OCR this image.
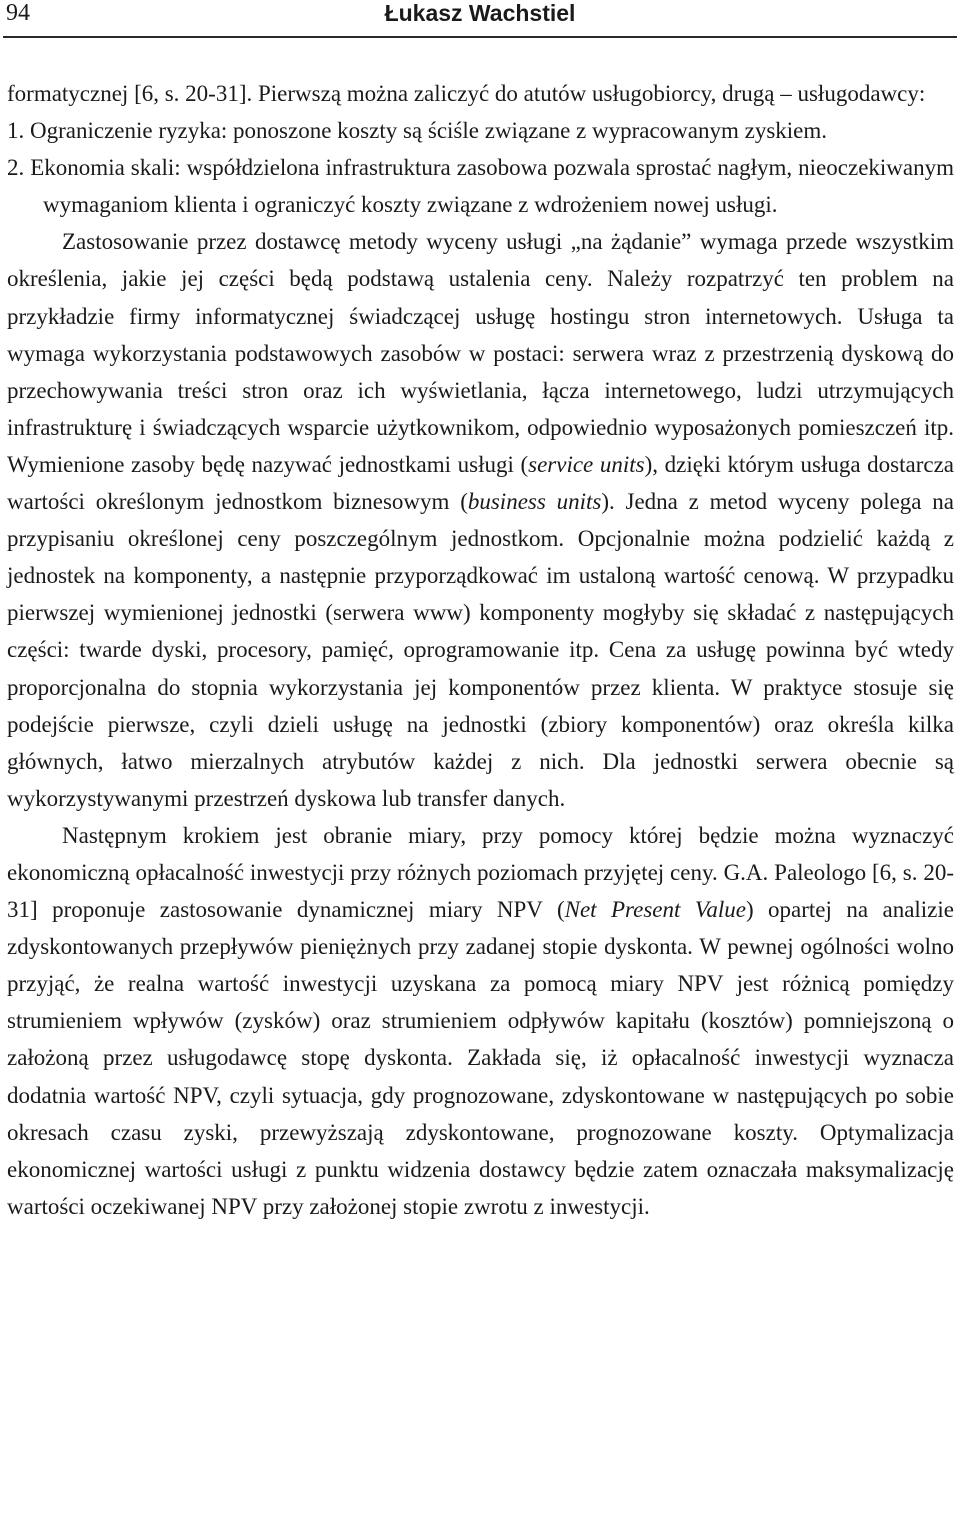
94	Łukasz Wachstiel

formatycznej [6, s. 20-31]. Pierwszą można zaliczyć do atutów usługobiorcy, drugą – usługodawcy:

1. Ograniczenie ryzyka: ponoszone koszty są ściśle związane z wypracowanym zyskiem.

2. Ekonomia skali: współdzielona infrastruktura zasobowa pozwala sprostać nagłym, nieoczekiwanym wymaganiom klienta i ograniczyć koszty związane z wdrożeniem nowej usługi.

Zastosowanie przez dostawcę metody wyceny usługi „na żądanie” wymaga przede wszystkim określenia, jakie jej części będą podstawą ustalenia ceny. Należy rozpatrzyć ten problem na przykładzie firmy informatycznej świadczącej usługę hostingu stron internetowych. Usługa ta wymaga wykorzystania podstawowych zasobów w postaci: serwera wraz z przestrzenią dyskową do przechowywania treści stron oraz ich wyświetlania, łącza internetowego, ludzi utrzymujących infrastrukturę i świadczących wsparcie użytkownikom, odpowiednio wyposażonych pomieszczeń itp. Wymienione zasoby będę nazywać jednostkami usługi (service units), dzięki którym usługa dostarcza wartości określonym jednostkom biznesowym (business units). Jedna z metod wyceny polega na przypisaniu określonej ceny poszczególnym jednostkom. Opcjonalnie można podzielić każdą z jednostek na komponenty, a następnie przyporządkować im ustaloną wartość cenową. W przypadku pierwszej wymienionej jednostki (serwera www) komponenty mogłyby się składać z następujących części: twarde dyski, procesory, pamięć, oprogramowanie itp. Cena za usługę powinna być wtedy proporcjonalna do stopnia wykorzystania jej komponentów przez klienta. W praktyce stosuje się podejście pierwsze, czyli dzieli usługę na jednostki (zbiory komponentów) oraz określa kilka głównych, łatwo mierzalnych atrybutów każdej z nich. Dla jednostki serwera obecnie są wykorzystywanymi przestrzeń dyskowa lub transfer danych.

Następnym krokiem jest obranie miary, przy pomocy której będzie można wyznaczyć ekonomiczną opłacalność inwestycji przy różnych poziomach przyjętej ceny. G.A. Paleologo [6, s. 20-31] proponuje zastosowanie dynamicznej miary NPV (Net Present Value) opartej na analizie zdyskontowanych przepływów pieniężnych przy zadanej stopie dyskonta. W pewnej ogólności wolno przyjąć, że realna wartość inwestycji uzyskana za pomocą miary NPV jest różnicą pomiędzy strumieniem wpływów (zysków) oraz strumieniem odpływów kapitału (kosztów) pomniejszoną o założoną przez usługodawcę stopę dyskonta. Zakłada się, iż opłacalność inwestycji wyznacza dodatnia wartość NPV, czyli sytuacja, gdy prognozowane, zdyskontowane w następujących po sobie okresach czasu zyski, przewyższają zdyskontowane, prognozowane koszty. Optymalizacja ekonomicznej wartości usługi z punktu widzenia dostawcy będzie zatem oznaczała maksymalizację wartości oczekiwanej NPV przy założonej stopie zwrotu z inwestycji.
